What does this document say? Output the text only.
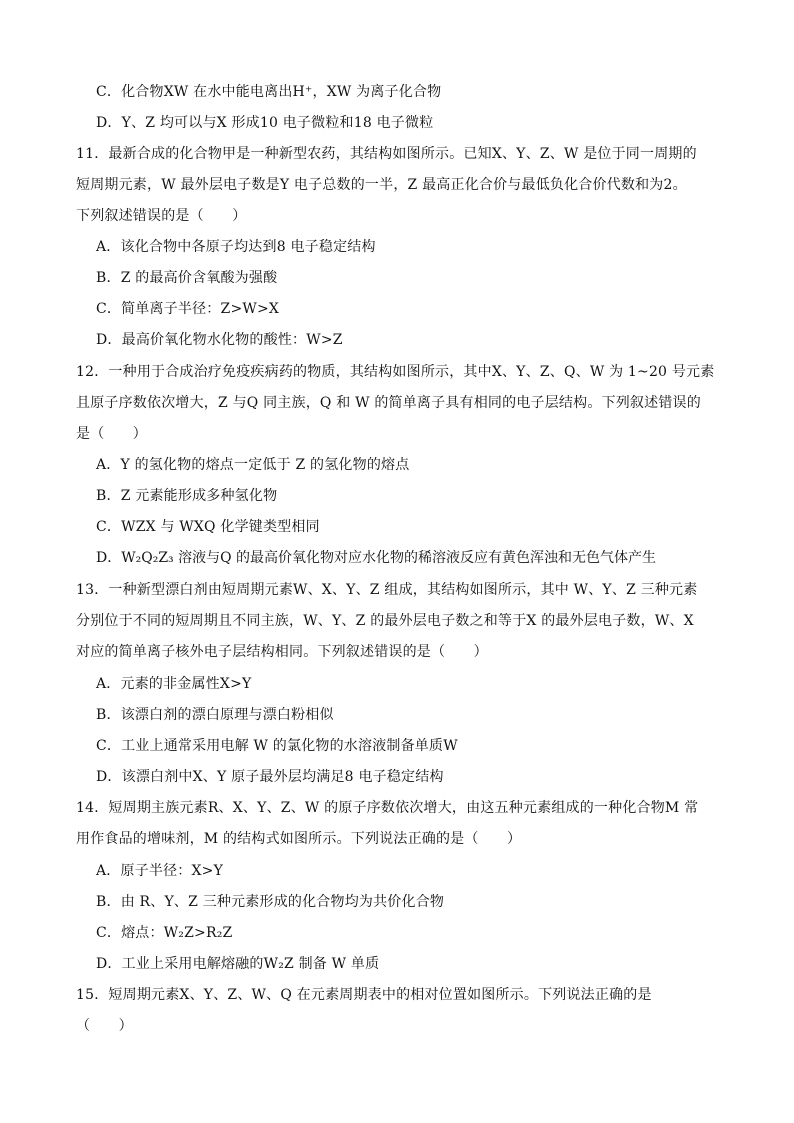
C．化合物XW 在水中能电离出H⁺，XW 为离子化合物
D．Y、Z 均可以与X 形成10 电子微粒和18 电子微粒
11．最新合成的化合物甲是一种新型农药，其结构如图所示。已知X、Y、Z、W 是位于同一周期的
短周期元素，W 最外层电子数是Y 电子总数的一半，Z 最高正化合价与最低负化合价代数和为2。
下列叙述错误的是（　　）
A．该化合物中各原子均达到8 电子稳定结构
B．Z 的最高价含氧酸为强酸
C．简单离子半径：Z>W>X
D．最高价氧化物水化物的酸性：W>Z
12．一种用于合成治疗免疫疾病药的物质，其结构如图所示，其中X、Y、Z、Q、W 为 1~20 号元素
且原子序数依次增大，Z 与Q 同主族，Q 和 W 的简单离子具有相同的电子层结构。下列叙述错误的
是（　　）
A．Y 的氢化物的熔点一定低于 Z 的氢化物的熔点
B．Z 元素能形成多种氢化物
C．WZX 与 WXQ 化学键类型相同
D．W₂Q₂Z₃ 溶液与Q 的最高价氧化物对应水化物的稀溶液反应有黄色浑浊和无色气体产生
13．一种新型漂白剂由短周期元素W、X、Y、Z 组成，其结构如图所示，其中 W、Y、Z 三种元素
分别位于不同的短周期且不同主族，W、Y、Z 的最外层电子数之和等于X 的最外层电子数，W、X
对应的简单离子核外电子层结构相同。下列叙述错误的是（　　）
A．元素的非金属性X>Y
B．该漂白剂的漂白原理与漂白粉相似
C．工业上通常采用电解 W 的氯化物的水溶液制备单质W
D．该漂白剂中X、Y 原子最外层均满足8 电子稳定结构
14．短周期主族元素R、X、Y、Z、W 的原子序数依次增大，由这五种元素组成的一种化合物M 常
用作食品的增味剂，M 的结构式如图所示。下列说法正确的是（　　）
A．原子半径：X>Y
B．由 R、Y、Z 三种元素形成的化合物均为共价化合物
C．熔点：W₂Z>R₂Z
D．工业上采用电解熔融的W₂Z 制备 W 单质
15．短周期元素X、Y、Z、W、Q 在元素周期表中的相对位置如图所示。下列说法正确的是
（　　）
